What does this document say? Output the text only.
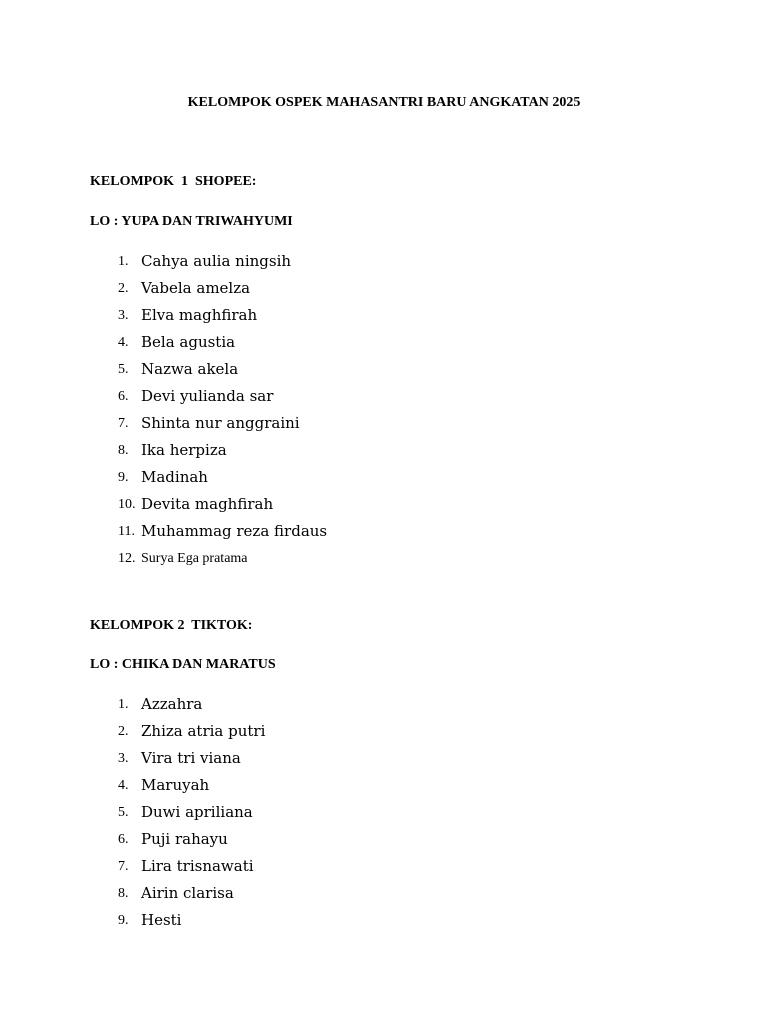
KELOMPOK OSPEK MAHASANTRI BARU ANGKATAN 2025
KELOMPOK  1  SHOPEE:
LO : YUPA DAN TRIWAHYUMI
1. Cahya aulia ningsih
2. Vabela amelza
3. Elva maghfirah
4. Bela agustia
5. Nazwa akela
6. Devi yulianda sar
7. Shinta nur anggraini
8. Ika herpiza
9. Madinah
10. Devita maghfirah
11. Muhammag reza firdaus
12. Surya Ega pratama
KELOMPOK 2  TIKTOK:
LO : CHIKA DAN MARATUS
1. Azzahra
2. Zhiza atria putri
3. Vira tri viana
4. Maruyah
5. Duwi apriliana
6. Puji rahayu
7. Lira trisnawati
8. Airin clarisa
9. Hesti
